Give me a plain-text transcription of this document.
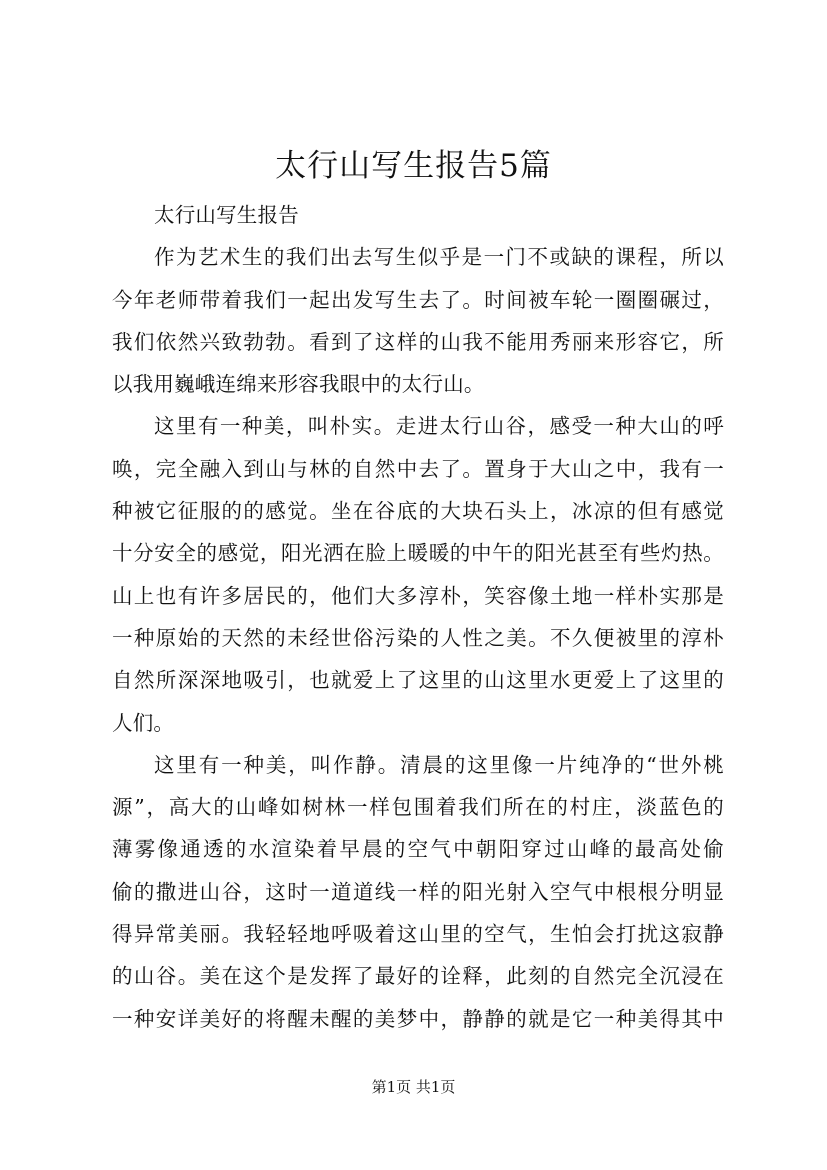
太行山写生报告5篇
太行山写生报告
作为艺术生的我们出去写生似乎是一门不或缺的课程，所以
今年老师带着我们一起出发写生去了。时间被车轮一圈圈碾过，
我们依然兴致勃勃。看到了这样的山我不能用秀丽来形容它，所
以我用巍峨连绵来形容我眼中的太行山。
这里有一种美，叫朴实。走进太行山谷，感受一种大山的呼
唤，完全融入到山与林的自然中去了。置身于大山之中，我有一
种被它征服的的感觉。坐在谷底的大块石头上，冰凉的但有感觉
十分安全的感觉，阳光洒在脸上暖暖的中午的阳光甚至有些灼热。
山上也有许多居民的，他们大多淳朴，笑容像土地一样朴实那是
一种原始的天然的未经世俗污染的人性之美。不久便被里的淳朴
自然所深深地吸引，也就爱上了这里的山这里水更爱上了这里的
人们。
这里有一种美，叫作静。清晨的这里像一片纯净的“世外桃
源”，高大的山峰如树林一样包围着我们所在的村庄，淡蓝色的
薄雾像通透的水渲染着早晨的空气中朝阳穿过山峰的最高处偷
偷的撒进山谷，这时一道道线一样的阳光射入空气中根根分明显
得异常美丽。我轻轻地呼吸着这山里的空气，生怕会打扰这寂静
的山谷。美在这个是发挥了最好的诠释，此刻的自然完全沉浸在
一种安详美好的将醒未醒的美梦中，静静的就是它一种美得其中
第1页 共1页
